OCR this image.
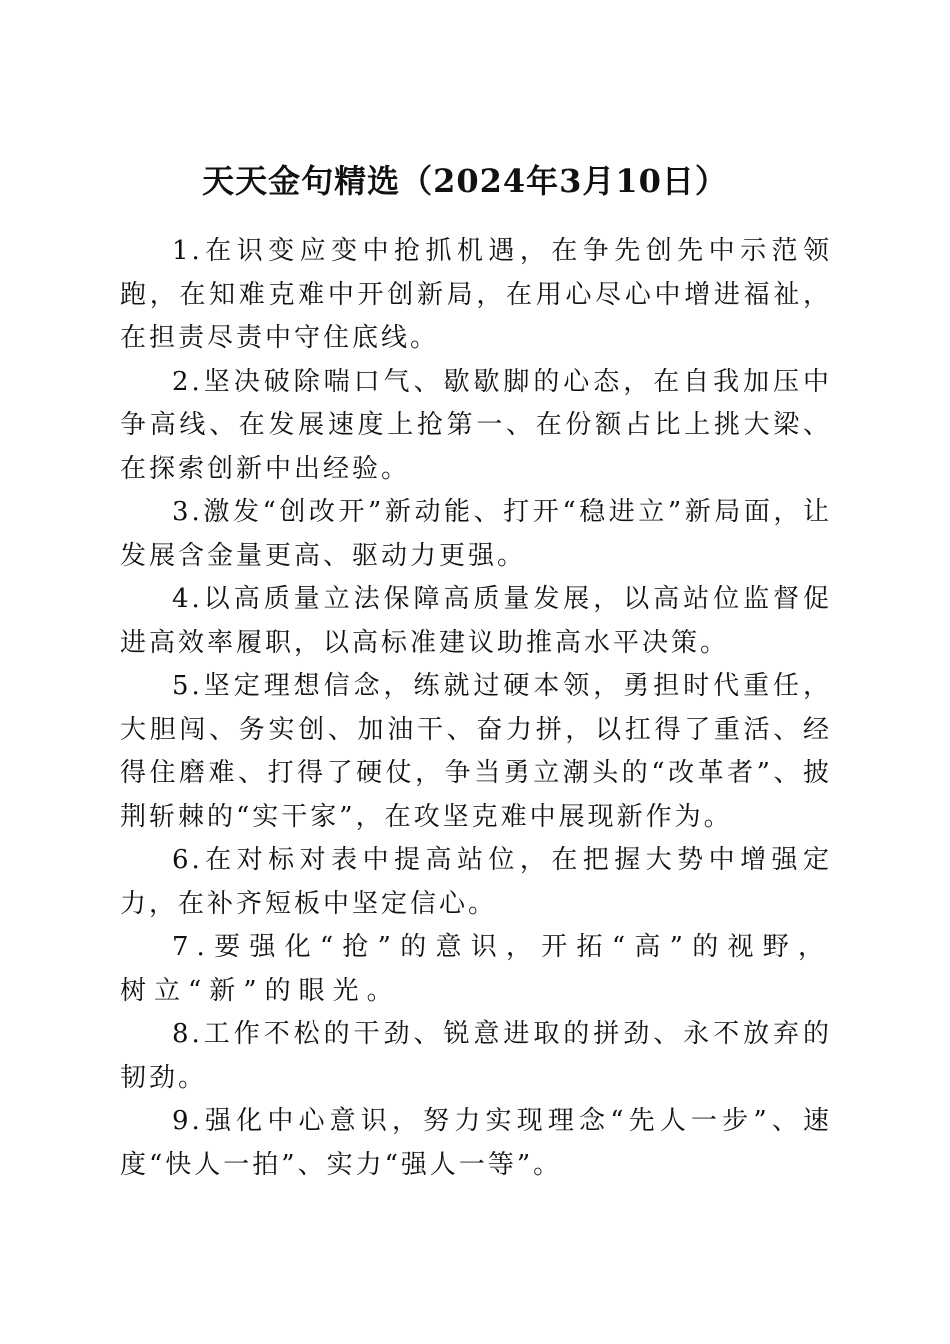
天天金句精选（2024年3月10日）

1.在识变应变中抢抓机遇，在争先创先中示范领跑，在知难克难中开创新局，在用心尽心中增进福祉，在担责尽责中守住底线。

2.坚决破除喘口气、歇歇脚的心态，在自我加压中争高线、在发展速度上抢第一、在份额占比上挑大梁、在探索创新中出经验。

3.激发“创改开”新动能、打开“稳进立”新局面，让发展含金量更高、驱动力更强。

4.以高质量立法保障高质量发展，以高站位监督促进高效率履职，以高标准建议助推高水平决策。

5.坚定理想信念，练就过硬本领，勇担时代重任，大胆闯、务实创、加油干、奋力拼，以扛得了重活、经得住磨难、打得了硬仗，争当勇立潮头的“改革者”、披荆斩棘的“实干家”，在攻坚克难中展现新作为。

6.在对标对表中提高站位，在把握大势中增强定力，在补齐短板中坚定信心。

7.要强化“抢”的意识，开拓“高”的视野，树立“新”的眼光。

8.工作不松的干劲、锐意进取的拼劲、永不放弃的韧劲。

9.强化中心意识，努力实现理念“先人一步”、速度“快人一拍”、实力“强人一等”。
